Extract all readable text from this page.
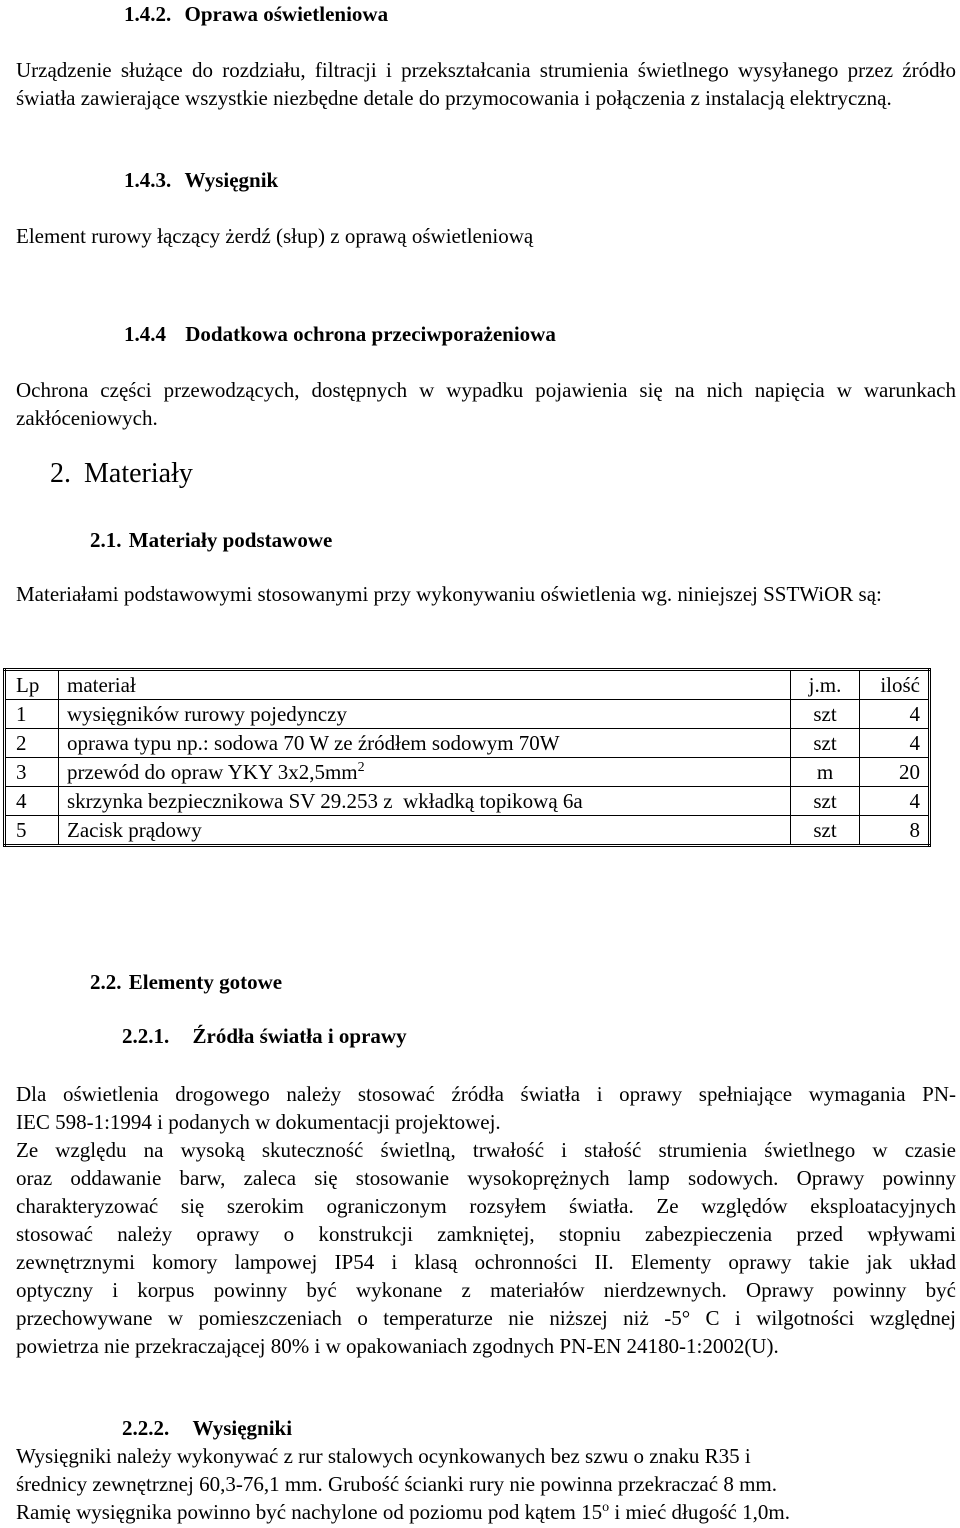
1.4.2. Oprawa oświetleniowa

Urządzenie służące do rozdziału, filtracji i przekształcania strumienia świetlnego wysyłanego przez źródło światła zawierające wszystkie niezbędne detale do przymocowania i połączenia z instalacją elektryczną.

1.4.3. Wysięgnik

Element rurowy łączący żerdź (słup) z oprawą oświetleniową

1.4.4 Dodatkowa ochrona przeciwporażeniowa

Ochrona części przewodzących, dostępnych w wypadku pojawienia się na nich napięcia w warunkach zakłóceniowych.

2. Materiały
2.1. Materiały podstawowe

Materiałami podstawowymi stosowanymi przy wykonywaniu oświetlenia wg. niniejszej SSTWiOR są:

Lp	materiał	j.m.	ilość
1	wysięgników rurowy pojedynczy	szt	4
2	oprawa typu np.: sodowa 70 W ze źródłem sodowym 70W	szt	4
3	przewód do opraw YKY $3x2,5mm^2$	m	20
4	skrzynka bezpiecznikowa SV 29.253 z  wkładką topikową 6a	szt	4
5	Zacisk prądowy	szt	8
2.2. Elementy gotowe
2.2.1. Źródła światła i oprawy
Dla oświetlenia drogowego należy stosować źródła światła i oprawy spełniające wymagania PN-
IEC 598-1:1994 i podanych w dokumentacji projektowej.
Ze względu na wysoką skuteczność świetlną, trwałość i stałość strumienia świetlnego w czasie
oraz oddawanie barw, zaleca się stosowanie wysokoprężnych lamp sodowych. Oprawy powinny
charakteryzować się szerokim ograniczonym rozsyłem światła. Ze względów eksploatacyjnych
stosować należy oprawy o konstrukcji zamkniętej, stopniu zabezpieczenia przed wpływami
zewnętrznymi komory lampowej IP54 i klasą ochronności II. Elementy oprawy takie jak układ
optyczny i korpus powinny być wykonane z materiałów nierdzewnych. Oprawy powinny być
przechowywane w pomieszczeniach o temperaturze nie niższej niż -5° C i wilgotności względnej
powietrza nie przekraczającej 80% i w opakowaniach zgodnych PN-EN 24180-1:2002(U).
2.2.2. Wysięgniki
Wysięgniki należy wykonywać z rur stalowych ocynkowanych bez szwu o znaku R35 i
średnicy zewnętrznej 60,3-76,1 mm. Grubość ścianki rury nie powinna przekraczać 8 mm.
Ramię wysięgnika powinno być nachylone od poziomu pod kątem 15$^o$ i mieć długość 1,0m.
